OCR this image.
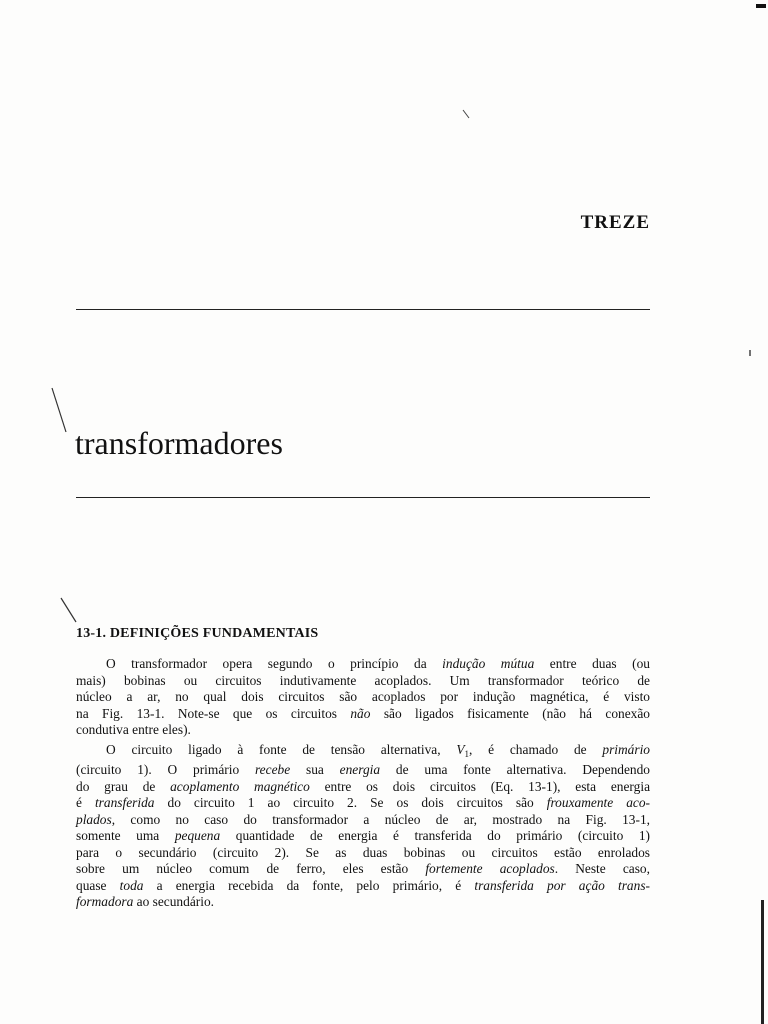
TREZE
transformadores
13-1. DEFINIÇÕES FUNDAMENTAIS
O transformador opera segundo o princípio da indução mútua entre duas (ou
mais) bobinas ou circuitos indutivamente acoplados. Um transformador teórico de
núcleo a ar, no qual dois circuitos são acoplados por indução magnética, é visto
na Fig. 13-1. Note-se que os circuitos não são ligados fisicamente (não há conexão
condutiva entre eles).
O circuito ligado à fonte de tensão alternativa, $V_1$, é chamado de primário
(circuito 1). O primário recebe sua energia de uma fonte alternativa. Dependendo
do grau de acoplamento magnético entre os dois circuitos (Eq. 13-1), esta energia
é transferida do circuito 1 ao circuito 2. Se os dois circuitos são frouxamente aco-
plados, como no caso do transformador a núcleo de ar, mostrado na Fig. 13-1,
somente uma pequena quantidade de energia é transferida do primário (circuito 1)
para o secundário (circuito 2). Se as duas bobinas ou circuitos estão enrolados
sobre um núcleo comum de ferro, eles estão fortemente acoplados. Neste caso,
quase toda a energia recebida da fonte, pelo primário, é transferida por ação trans-
formadora ao secundário.
